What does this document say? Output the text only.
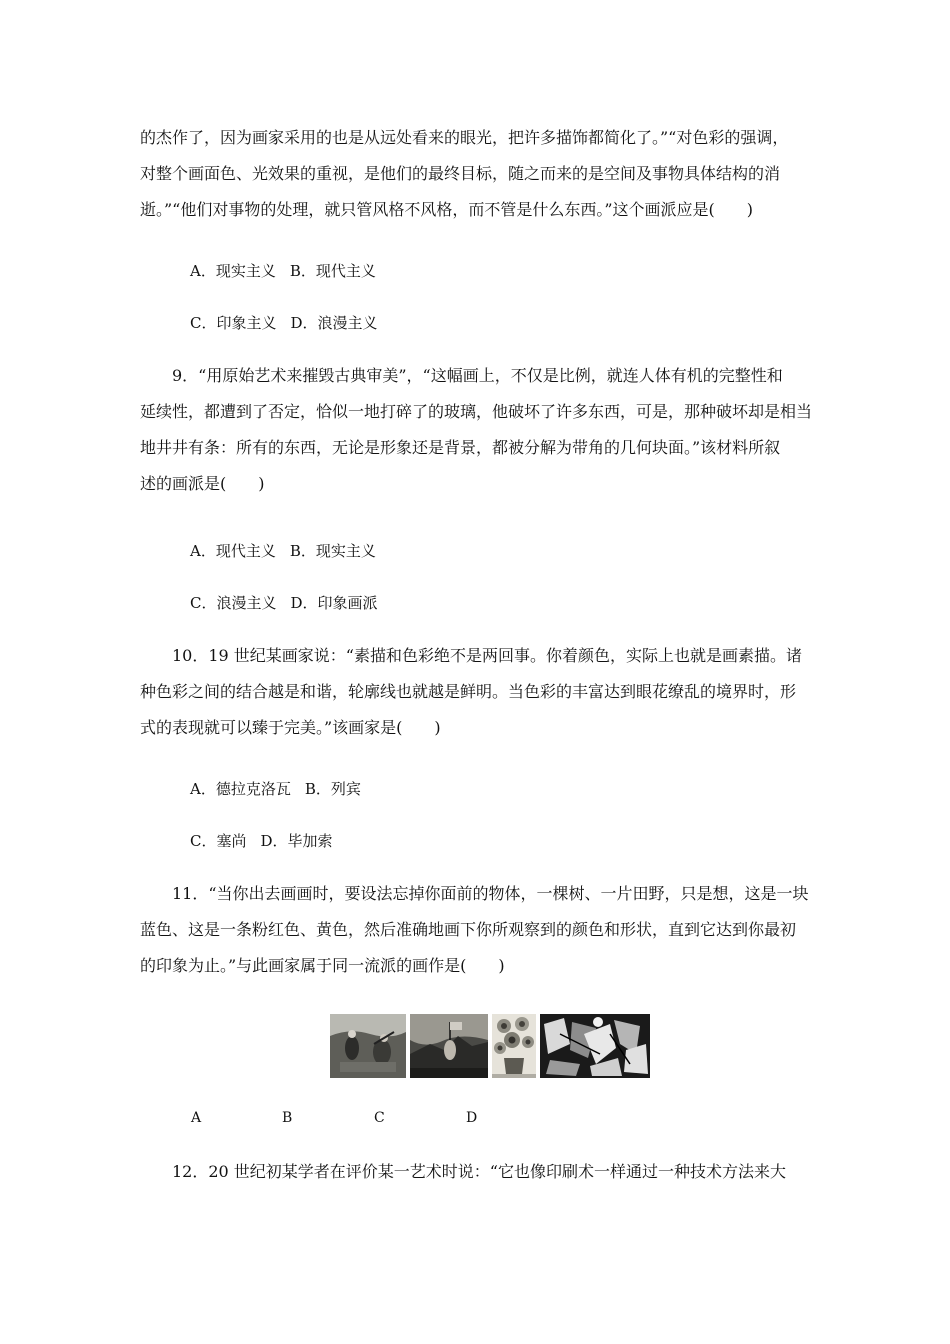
的杰作了，因为画家采用的也是从远处看来的眼光，把许多描饰都简化了。”“对色彩的强调，
对整个画面色、光效果的重视，是他们的最终目标，随之而来的是空间及事物具体结构的消
逝。”“他们对事物的处理，就只管风格不风格，而不管是什么东西。”这个画派应是(　　)
A．现实主义 B．现代主义
C．印象主义 D．浪漫主义
9．“用原始艺术来摧毁古典审美”，“这幅画上，不仅是比例，就连人体有机的完整性和
延续性，都遭到了否定，恰似一地打碎了的玻璃，他破坏了许多东西，可是，那种破坏却是相当
地井井有条：所有的东西，无论是形象还是背景，都被分解为带角的几何块面。”该材料所叙
述的画派是(　　)
A．现代主义 B．现实主义
C．浪漫主义 D．印象画派
10．19 世纪某画家说：“素描和色彩绝不是两回事。你着颜色，实际上也就是画素描。诸
种色彩之间的结合越是和谐，轮廓线也就越是鲜明。当色彩的丰富达到眼花缭乱的境界时，形
式的表现就可以臻于完美。”该画家是(　　)
A．德拉克洛瓦 B．列宾
C．塞尚 D．毕加索
11．“当你出去画画时，要设法忘掉你面前的物体，一棵树、一片田野，只是想，这是一块
蓝色、这是一条粉红色、黄色，然后准确地画下你所观察到的颜色和形状，直到它达到你最初
的印象为止。”与此画家属于同一流派的画作是(　　)
A	B	C	D
12．20 世纪初某学者在评价某一艺术时说：“它也像印刷术一样通过一种技术方法来大
